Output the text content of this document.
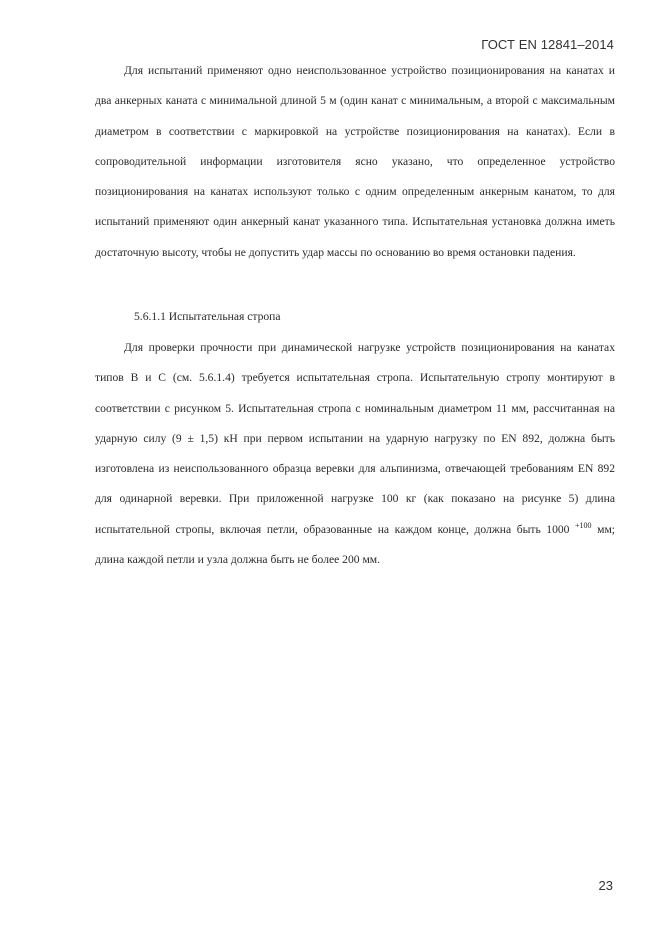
ГОСТ EN 12841–2014
Для испытаний применяют одно неиспользованное устройство позиционирования на канатах и два анкерных каната с минимальной длиной 5 м (один канат с минимальным, а второй с максимальным диаметром в соответствии с маркировкой на устройстве позиционирования на канатах). Если в сопроводительной информации изготовителя ясно указано, что определенное устройство позиционирования на канатах используют только с одним определенным анкерным канатом, то для испытаний применяют один анкерный канат указанного типа. Испытательная установка должна иметь достаточную высоту, чтобы не допустить удар массы по основанию во время остановки падения.
5.6.1.1 Испытательная стропа
Для проверки прочности при динамической нагрузке устройств позиционирования на канатах типов В и С (см. 5.6.1.4) требуется испытательная стропа. Испытательную стропу монтируют в соответствии с рисунком 5. Испытательная стропа с номинальным диаметром 11 мм, рассчитанная на ударную силу (9 ± 1,5) кН при первом испытании на ударную нагрузку по EN 892, должна быть изготовлена из неиспользованного образца веревки для альпинизма, отвечающей требованиям EN 892 для одинарной веревки. При приложенной нагрузке 100 кг (как показано на рисунке 5) длина испытательной стропы, включая петли, образованные на каждом конце, должна быть 1000 $^{+100}$ мм; длина каждой петли и узла должна быть не более 200 мм.
23
